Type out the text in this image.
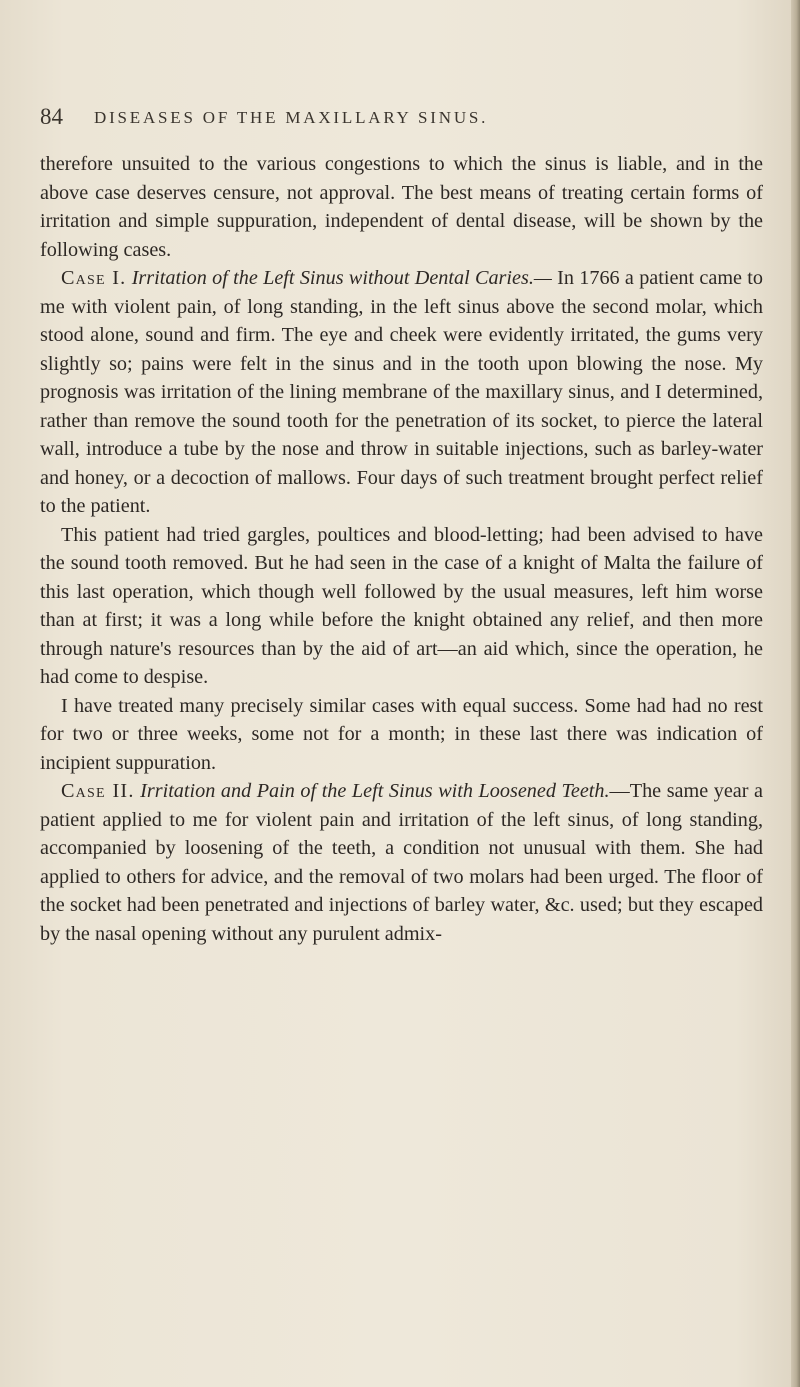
84 DISEASES OF THE MAXILLARY SINUS.

therefore unsuited to the various congestions to which the sinus is liable, and in the above case deserves censure, not approval. The best means of treating certain forms of irritation and simple suppuration, independent of dental disease, will be shown by the following cases.

Case I. Irritation of the Left Sinus without Dental Caries.— In 1766 a patient came to me with violent pain, of long standing, in the left sinus above the second molar, which stood alone, sound and firm. The eye and cheek were evidently irritated, the gums very slightly so; pains were felt in the sinus and in the tooth upon blowing the nose. My prognosis was irritation of the lining membrane of the maxillary sinus, and I determined, rather than remove the sound tooth for the penetration of its socket, to pierce the lateral wall, introduce a tube by the nose and throw in suitable injections, such as barley-water and honey, or a decoction of mallows. Four days of such treatment brought perfect relief to the patient.

This patient had tried gargles, poultices and blood-letting; had been advised to have the sound tooth removed. But he had seen in the case of a knight of Malta the failure of this last operation, which though well followed by the usual measures, left him worse than at first; it was a long while before the knight obtained any relief, and then more through nature's resources than by the aid of art—an aid which, since the operation, he had come to despise.

I have treated many precisely similar cases with equal success. Some had had no rest for two or three weeks, some not for a month; in these last there was indication of incipient suppuration.

Case II. Irritation and Pain of the Left Sinus with Loosened Teeth.—The same year a patient applied to me for violent pain and irritation of the left sinus, of long standing, accompanied by loosening of the teeth, a condition not unusual with them. She had applied to others for advice, and the removal of two molars had been urged. The floor of the socket had been penetrated and injections of barley water, &c. used; but they escaped by the nasal opening without any purulent admix-
